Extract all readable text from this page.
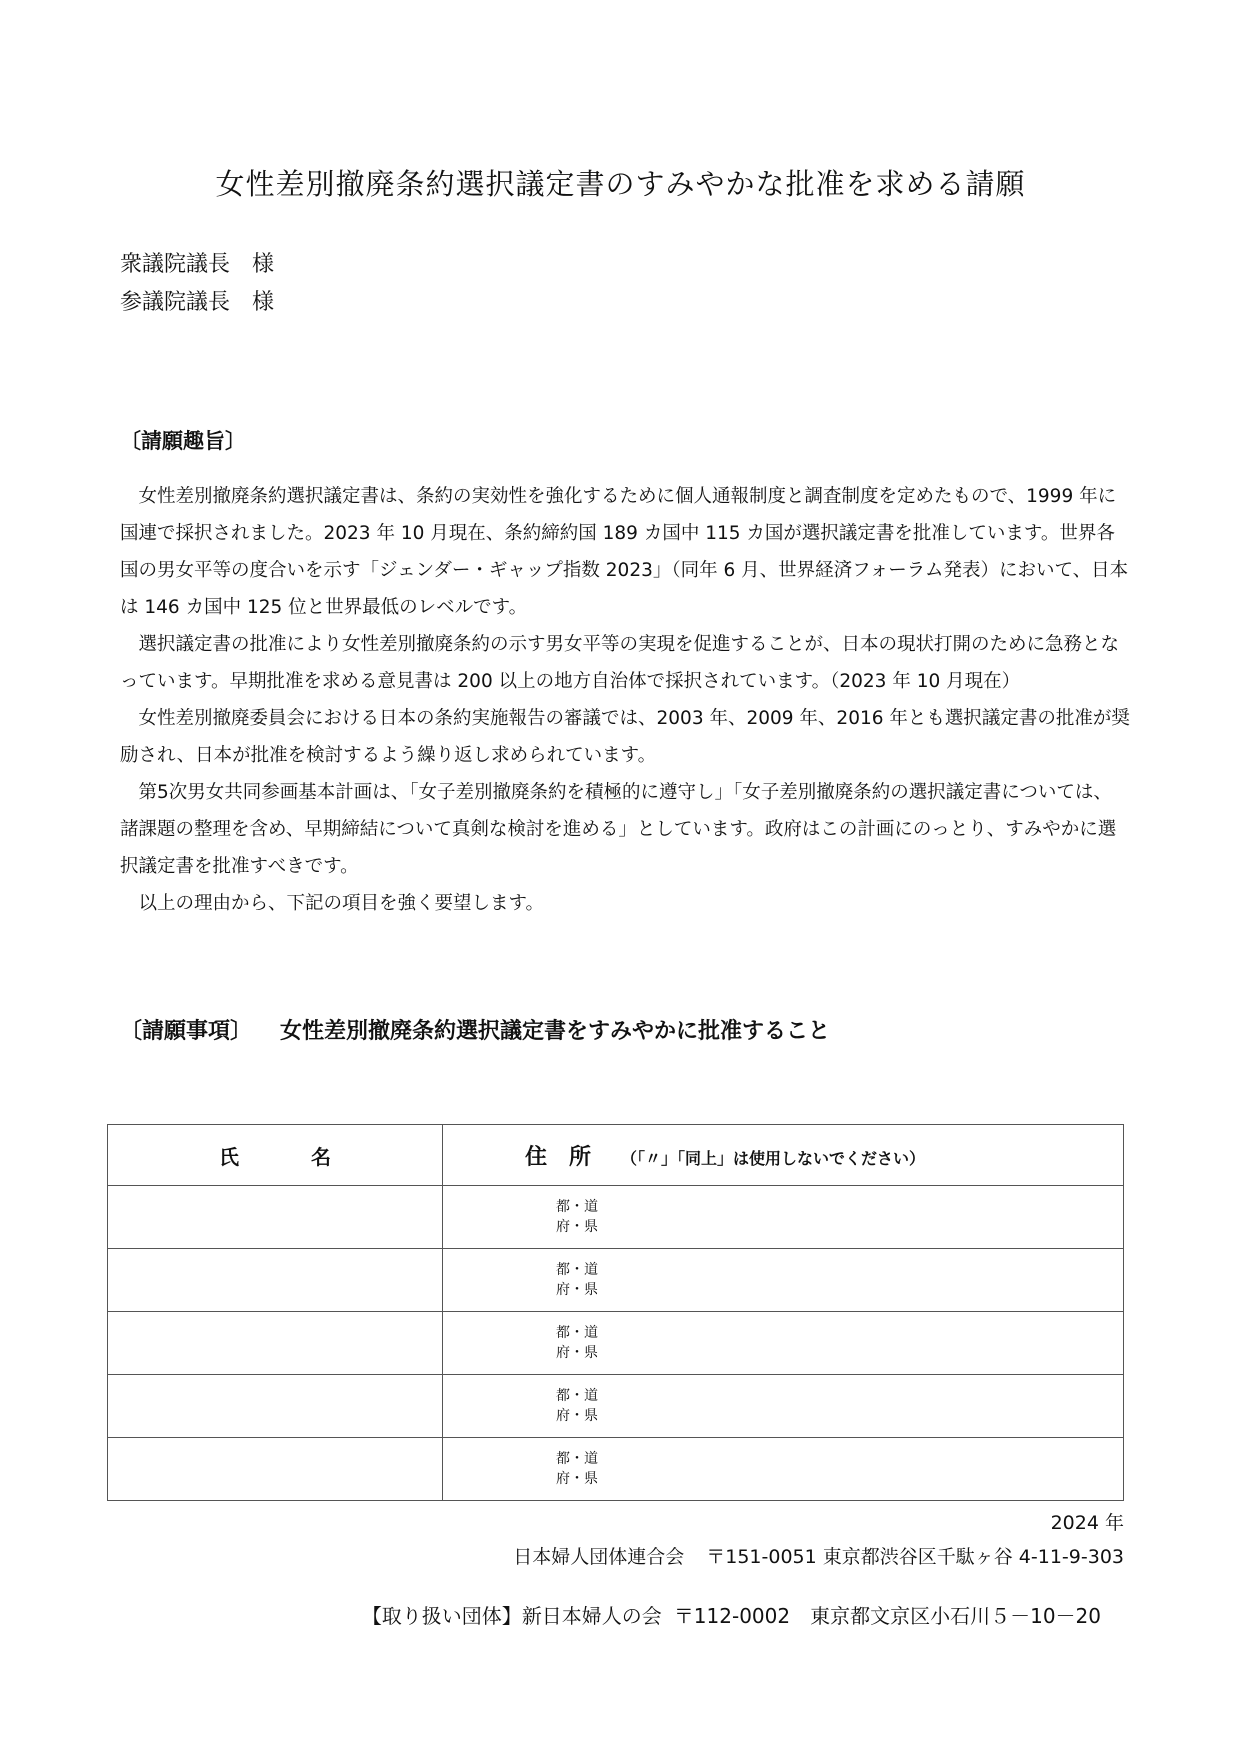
女性差別撤廃条約選択議定書のすみやかな批准を求める請願
衆議院議長　様
参議院議長　様
〔請願趣旨〕

女性差別撤廃条約選択議定書は、条約の実効性を強化するために個人通報制度と調査制度を定めたもので、1999 年に国連で採択されました。2023 年 10 月現在、条約締約国 189 カ国中 115 カ国が選択議定書を批准しています。世界各国の男女平等の度合いを示す「ジェンダー・ギャップ指数 2023」（同年 6 月、世界経済フォーラム発表）において、日本は 146 カ国中 125 位と世界最低のレベルです。

選択議定書の批准により女性差別撤廃条約の示す男女平等の実現を促進することが、日本の現状打開のために急務となっています。早期批准を求める意見書は 200 以上の地方自治体で採択されています。（2023 年 10 月現在）

女性差別撤廃委員会における日本の条約実施報告の審議では、2003 年、2009 年、2016 年とも選択議定書の批准が奨励され、日本が批准を検討するよう繰り返し求められています。

第5次男女共同参画基本計画は、「女子差別撤廃条約を積極的に遵守し」「女子差別撤廃条約の選択議定書については、諸課題の整理を含め、早期締結について真剣な検討を進める」としています。政府はこの計画にのっとり、すみやかに選択議定書を批准すべきです。

以上の理由から、下記の項目を強く要望します。

〔請願事項〕 女性差別撤廃条約選択議定書をすみやかに批准すること
氏名	住所 （「〃」「同上」は使用しないでください）

	都・道
府・県

	都・道
府・県

	都・道
府・県

	都・道
府・県

	都・道
府・県
2024 年
日本婦人団体連合会 〒151-0051 東京都渋谷区千駄ヶ谷 4-11-9-303
【取り扱い団体】新日本婦人の会 〒112-0002　東京都文京区小石川５－10－20
